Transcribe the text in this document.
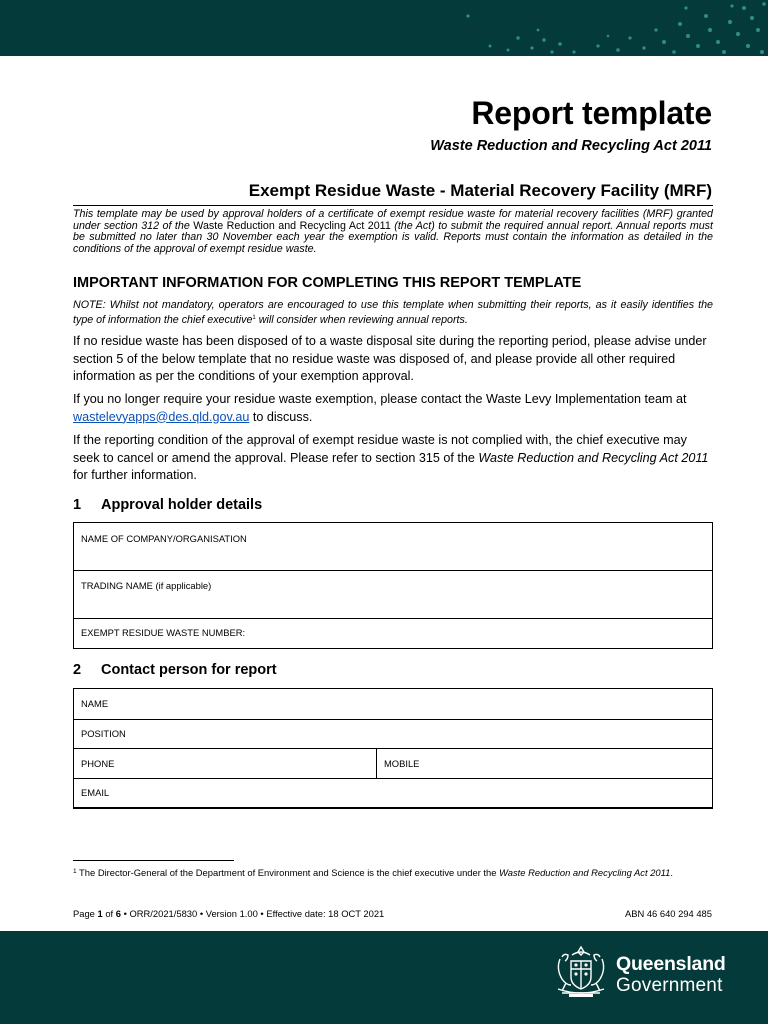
Report template
Waste Reduction and Recycling Act 2011
Exempt Residue Waste - Material Recovery Facility (MRF)
This template may be used by approval holders of a certificate of exempt residue waste for material recovery facilities (MRF) granted under section 312 of the Waste Reduction and Recycling Act 2011 (the Act) to submit the required annual report. Annual reports must be submitted no later than 30 November each year the exemption is valid. Reports must contain the information as detailed in the conditions of the approval of exempt residue waste.
IMPORTANT INFORMATION FOR COMPLETING THIS REPORT TEMPLATE
NOTE: Whilst not mandatory, operators are encouraged to use this template when submitting their reports, as it easily identifies the type of information the chief executive$^1$ will consider when reviewing annual reports.
If no residue waste has been disposed of to a waste disposal site during the reporting period, please advise under section 5 of the below template that no residue waste was disposed of, and please provide all other required information as per the conditions of your exemption approval.
If you no longer require your residue waste exemption, please contact the Waste Levy Implementation team at wastelevyapps@des.qld.gov.au to discuss.
If the reporting condition of the approval of exempt residue waste is not complied with, the chief executive may seek to cancel or amend the approval. Please refer to section 315 of the Waste Reduction and Recycling Act 2011 for further information.
1 Approval holder details
NAME OF COMPANY/ORGANISATION
TRADING NAME (if applicable)
EXEMPT RESIDUE WASTE NUMBER:
2 Contact person for report
NAME
POSITION
PHONE	MOBILE
EMAIL
$^1$ The Director-General of the Department of Environment and Science is the chief executive under the Waste Reduction and Recycling Act 2011.
Page 1 of 6 • ORR/2021/5830 • Version 1.00 • Effective date: 18 OCT 2021	ABN 46 640 294 485
Queensland
Government
